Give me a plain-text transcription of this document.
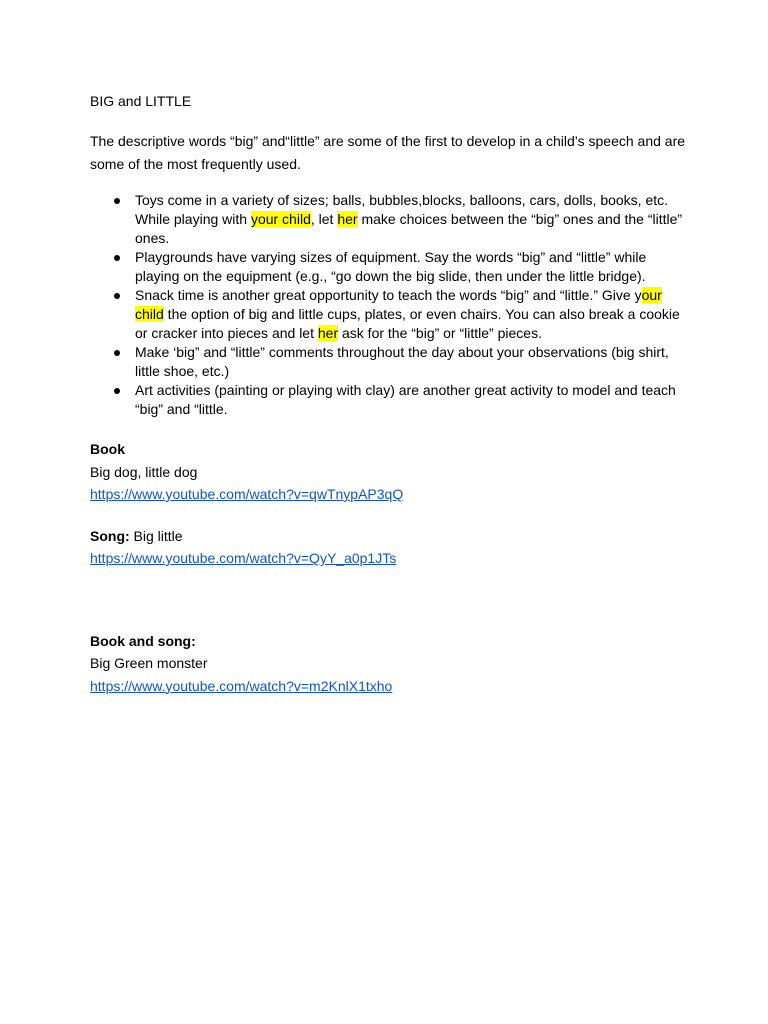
BIG and LITTLE

The descriptive words “big” and“little” are some of the first to develop in a child’s speech and are some of the most frequently used.

Toys come in a variety of sizes; balls, bubbles,blocks, balloons, cars, dolls, books, etc. While playing with your child, let her make choices between the “big” ones and the “little” ones.
Playgrounds have varying sizes of equipment. Say the words “big” and “little” while playing on the equipment (e.g., “go down the big slide, then under the little bridge).
Snack time is another great opportunity to teach the words “big” and “little.” Give your child the option of big and little cups, plates, or even chairs. You can also break a cookie or cracker into pieces and let her ask for the “big” or “little” pieces.
Make ‘big” and “little” comments throughout the day about your observations (big shirt, little shoe, etc.)
Art activities (painting or playing with clay) are another great activity to model and teach “big” and “little.
Book
Big dog, little dog
https://www.youtube.com/watch?v=qwTnypAP3qQ
Song: Big little
https://www.youtube.com/watch?v=QyY_a0p1JTs
Book and song:
Big Green monster
https://www.youtube.com/watch?v=m2KnlX1txho
